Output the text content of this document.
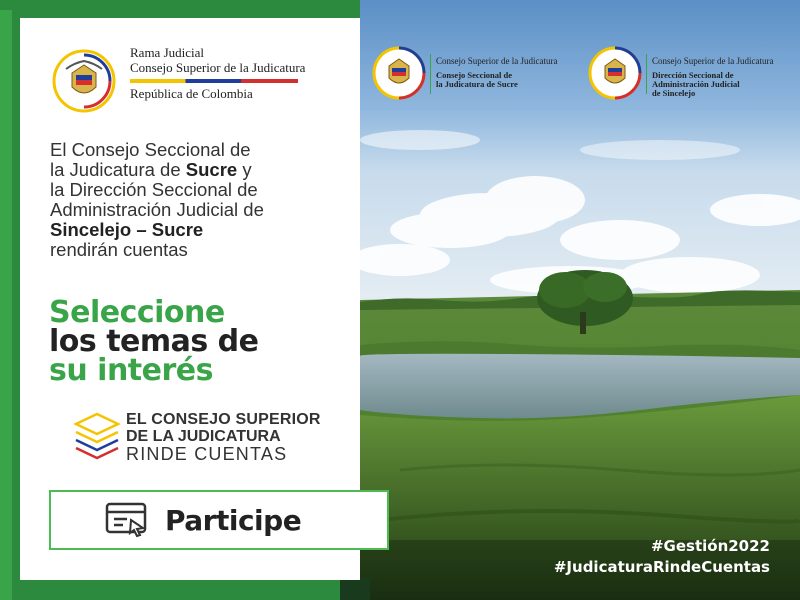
Rama Judicial
Consejo Superior de la Judicatura
República de Colombia
El Consejo Seccional de
la Judicatura de Sucre y
la Dirección Seccional de
Administración Judicial de
Sincelejo – Sucre
rendirán cuentas
Seleccione
los temas de
su interés
EL CONSEJO SUPERIOR
DE LA JUDICATURA
RINDE CUENTAS
Participe
Consejo Superior de la Judicatura
Consejo Seccional de
la Judicatura de Sucre
Consejo Superior de la Judicatura
Dirección Seccional de
Administración Judicial
de Sincelejo
#Gestión2022
#JudicaturaRindeCuentas
